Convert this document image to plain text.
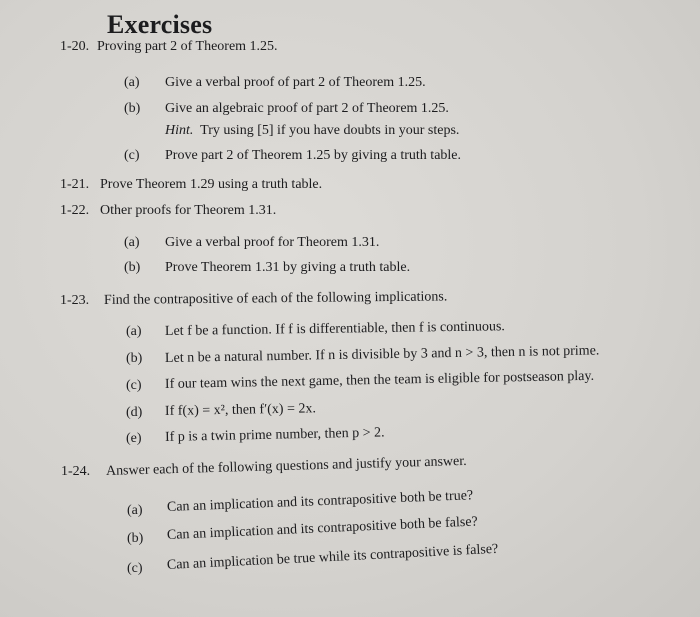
Exercises
1-20. Proving part 2 of Theorem 1.25.
(a) Give a verbal proof of part 2 of Theorem 1.25.
(b) Give an algebraic proof of part 2 of Theorem 1.25.
Hint. Try using [5] if you have doubts in your steps.
(c) Prove part 2 of Theorem 1.25 by giving a truth table.
1-21. Prove Theorem 1.29 using a truth table.
1-22. Other proofs for Theorem 1.31.
(a) Give a verbal proof for Theorem 1.31.
(b) Prove Theorem 1.31 by giving a truth table.
1-23. Find the contrapositive of each of the following implications.
(a) Let f be a function. If f is differentiable, then f is continuous.
(b) Let n be a natural number. If n is divisible by 3 and n > 3, then n is not prime.
(c) If our team wins the next game, then the team is eligible for postseason play.
(d) If f(x) = x², then f′(x) = 2x.
(e) If p is a twin prime number, then p > 2.
1-24. Answer each of the following questions and justify your answer.
(a) Can an implication and its contrapositive both be true?
(b) Can an implication and its contrapositive both be false?
(c) Can an implication be true while its contrapositive is false?
